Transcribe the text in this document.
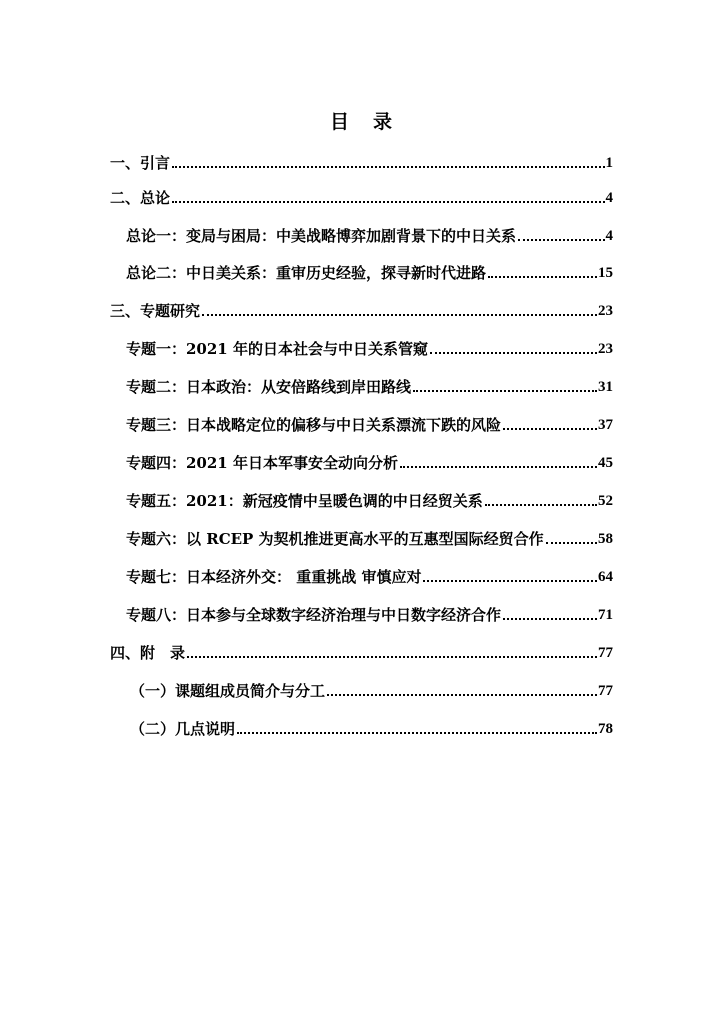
目 录
一、引言	1
二、总论	4
总论一：变局与困局：中美战略博弈加剧背景下的中日关系	4
总论二：中日美关系：重审历史经验，探寻新时代进路	15
三、专题研究	23
专题一：2021 年的日本社会与中日关系管窥	23
专题二：日本政治：从安倍路线到岸田路线	31
专题三：日本战略定位的偏移与中日关系漂流下跌的风险	37
专题四：2021 年日本军事安全动向分析	45
专题五：2021：新冠疫情中呈暖色调的中日经贸关系	52
专题六：以 RCEP 为契机推进更高水平的互惠型国际经贸合作	58
专题七：日本经济外交： 重重挑战 审慎应对	64
专题八：日本参与全球数字经济治理与中日数字经济合作	71
四、附　录	77
（一）课题组成员简介与分工	77
（二）几点说明	78
